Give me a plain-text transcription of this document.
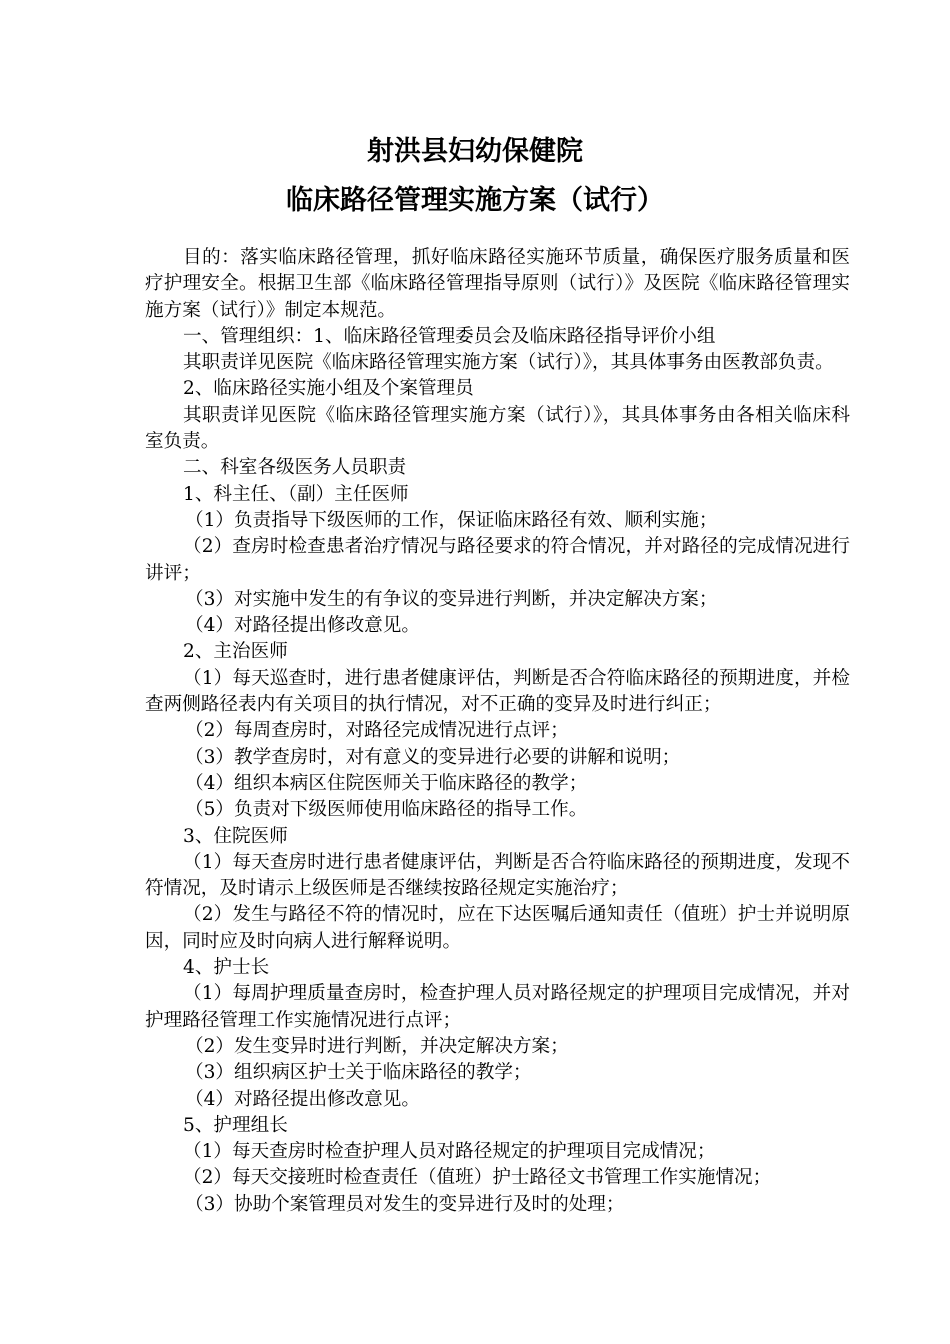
射洪县妇幼保健院
临床路径管理实施方案（试行）

目的：落实临床路径管理，抓好临床路径实施环节质量，确保医疗服务质量和医疗护理安全。根据卫生部《临床路径管理指导原则（试行）》及医院《临床路径管理实施方案（试行）》制定本规范。

一、管理组织：1、临床路径管理委员会及临床路径指导评价小组

其职责详见医院《临床路径管理实施方案（试行）》，其具体事务由医教部负责。

2、临床路径实施小组及个案管理员

其职责详见医院《临床路径管理实施方案（试行）》，其具体事务由各相关临床科室负责。

二、科室各级医务人员职责

1、科主任、（副）主任医师

（1）负责指导下级医师的工作，保证临床路径有效、顺利实施；

（2）查房时检查患者治疗情况与路径要求的符合情况，并对路径的完成情况进行讲评；

（3）对实施中发生的有争议的变异进行判断，并决定解决方案；

（4）对路径提出修改意见。

2、主治医师

（1）每天巡查时，进行患者健康评估，判断是否合符临床路径的预期进度，并检查两侧路径表内有关项目的执行情况，对不正确的变异及时进行纠正；

（2）每周查房时，对路径完成情况进行点评；

（3）教学查房时，对有意义的变异进行必要的讲解和说明；

（4）组织本病区住院医师关于临床路径的教学；

（5）负责对下级医师使用临床路径的指导工作。

3、住院医师

（1）每天查房时进行患者健康评估，判断是否合符临床路径的预期进度，发现不符情况，及时请示上级医师是否继续按路径规定实施治疗；

（2）发生与路径不符的情况时，应在下达医嘱后通知责任（值班）护士并说明原因，同时应及时向病人进行解释说明。

4、护士长

（1）每周护理质量查房时，检查护理人员对路径规定的护理项目完成情况，并对护理路径管理工作实施情况进行点评；

（2）发生变异时进行判断，并决定解决方案；

（3）组织病区护士关于临床路径的教学；

（4）对路径提出修改意见。

5、护理组长

（1）每天查房时检查护理人员对路径规定的护理项目完成情况；

（2）每天交接班时检查责任（值班）护士路径文书管理工作实施情况；

（3）协助个案管理员对发生的变异进行及时的处理；
